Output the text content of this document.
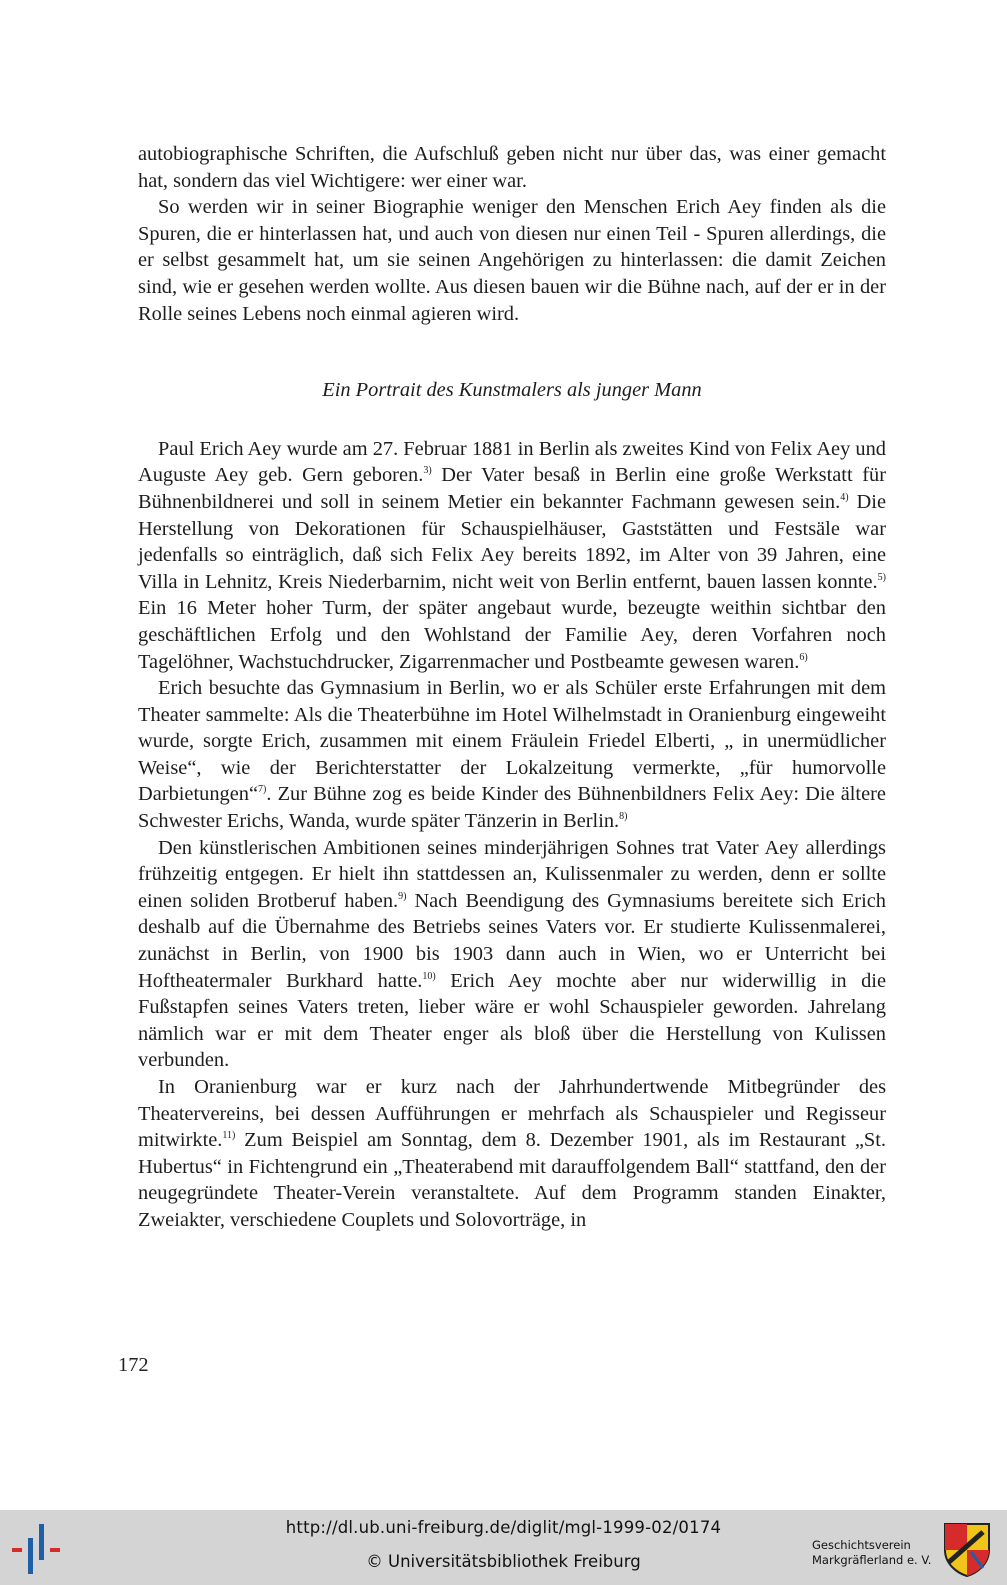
autobiographische Schriften, die Aufschluß geben nicht nur über das, was einer gemacht hat, sondern das viel Wichtigere: wer einer war.

So werden wir in seiner Biographie weniger den Menschen Erich Aey finden als die Spuren, die er hinterlassen hat, und auch von diesen nur einen Teil - Spuren allerdings, die er selbst gesammelt hat, um sie seinen Angehörigen zu hinterlassen: die damit Zeichen sind, wie er gesehen werden wollte. Aus diesen bauen wir die Bühne nach, auf der er in der Rolle seines Lebens noch einmal agieren wird.

Ein Portrait des Kunstmalers als junger Mann

Paul Erich Aey wurde am 27. Februar 1881 in Berlin als zweites Kind von Felix Aey und Auguste Aey geb. Gern geboren.$^{3)}$ Der Vater besaß in Berlin eine große Werkstatt für Bühnenbildnerei und soll in seinem Metier ein bekannter Fachmann gewesen sein.$^{4)}$ Die Herstellung von Dekorationen für Schauspielhäuser, Gaststätten und Festsäle war jedenfalls so einträglich, daß sich Felix Aey bereits 1892, im Alter von 39 Jahren, eine Villa in Lehnitz, Kreis Niederbarnim, nicht weit von Berlin entfernt, bauen lassen konnte.$^{5)}$ Ein 16 Meter hoher Turm, der später angebaut wurde, bezeugte weithin sichtbar den geschäftlichen Erfolg und den Wohlstand der Familie Aey, deren Vorfahren noch Tagelöhner, Wachstuchdrucker, Zigarrenmacher und Postbeamte gewesen waren.$^{6)}$

Erich besuchte das Gymnasium in Berlin, wo er als Schüler erste Erfahrungen mit dem Theater sammelte: Als die Theaterbühne im Hotel Wilhelmstadt in Oranienburg eingeweiht wurde, sorgte Erich, zusammen mit einem Fräulein Friedel Elberti, „ in unermüdlicher Weise“, wie der Berichterstatter der Lokalzeitung vermerkte, „für humorvolle Darbietungen“$^{7)}$. Zur Bühne zog es beide Kinder des Bühnenbildners Felix Aey: Die ältere Schwester Erichs, Wanda, wurde später Tänzerin in Berlin.$^{8)}$

Den künstlerischen Ambitionen seines minderjährigen Sohnes trat Vater Aey allerdings frühzeitig entgegen. Er hielt ihn stattdessen an, Kulissenmaler zu werden, denn er sollte einen soliden Brotberuf haben.$^{9)}$ Nach Beendigung des Gymnasiums bereitete sich Erich deshalb auf die Übernahme des Betriebs seines Vaters vor. Er studierte Kulissenmalerei, zunächst in Berlin, von 1900 bis 1903 dann auch in Wien, wo er Unterricht bei Hoftheatermaler Burkhard hatte.$^{10)}$ Erich Aey mochte aber nur widerwillig in die Fußstapfen seines Vaters treten, lieber wäre er wohl Schauspieler geworden. Jahrelang nämlich war er mit dem Theater enger als bloß über die Herstellung von Kulissen verbunden.

In Oranienburg war er kurz nach der Jahrhundertwende Mitbegründer des Theatervereins, bei dessen Aufführungen er mehrfach als Schauspieler und Regisseur mitwirkte.$^{11)}$ Zum Beispiel am Sonntag, dem 8. Dezember 1901, als im Restaurant „St. Hubertus“ in Fichtengrund ein „Theaterabend mit darauffolgendem Ball“ stattfand, den der neugegründete Theater-Verein veranstaltete. Auf dem Programm standen Einakter, Zweiakter, verschiedene Couplets und Solovorträge, in

172
http://dl.ub.uni-freiburg.de/diglit/mgl-1999-02/0174
© Universitätsbibliothek Freiburg
Geschichtsverein
Markgräflerland e. V.
